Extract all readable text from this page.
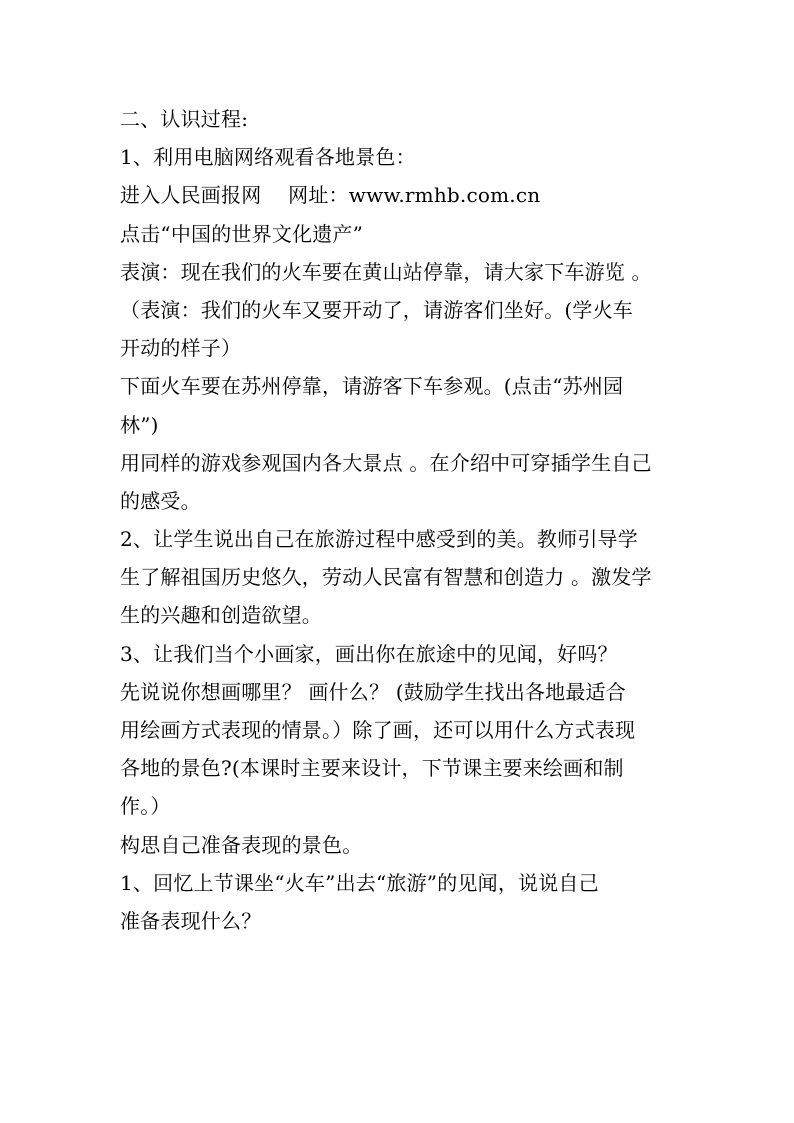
二、认识过程:
1、利用电脑网络观看各地景色：
进入人民画报网　 网址：www.rmhb.com.cn
点击“中国的世界文化遗产”
表演：现在我们的火车要在黄山站停靠，请大家下车游览 。
（表演：我们的火车又要开动了，请游客们坐好。(学火车
开动的样子）
下面火车要在苏州停靠，请游客下车参观。(点击“苏州园
林”)
用同样的游戏参观国内各大景点 。在介绍中可穿插学生自己
的感受。
2、让学生说出自己在旅游过程中感受到的美。教师引导学
生了解祖国历史悠久，劳动人民富有智慧和创造力 。激发学
生的兴趣和创造欲望。
3、让我们当个小画家，画出你在旅途中的见闻，好吗？
先说说你想画哪里？ 画什么？ (鼓励学生找出各地最适合
用绘画方式表现的情景。）除了画，还可以用什么方式表现
各地的景色?(本课时主要来设计，下节课主要来绘画和制
作。）
构思自己准备表现的景色。
1、回忆上节课坐“火车”出去“旅游”的见闻，说说自己
准备表现什么？
